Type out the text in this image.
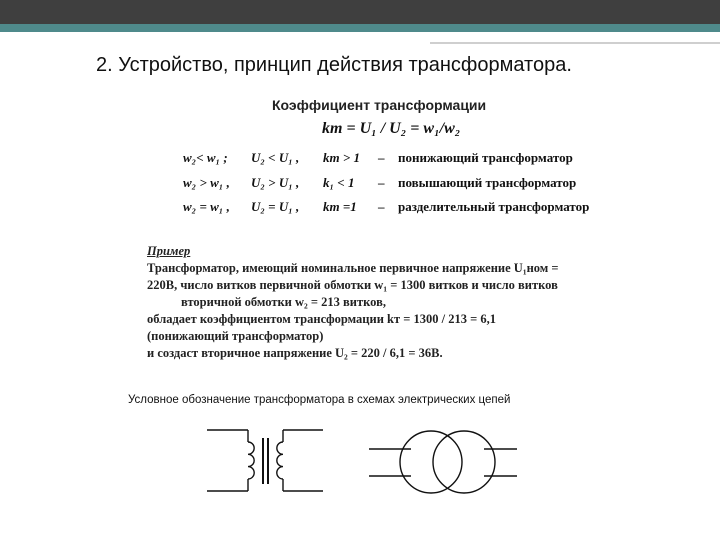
2. Устройство, принцип действия трансформатора.
Коэффициент трансформации
kт = U₁ / U₂ = w₁/w₂
w₂< w₁ ; U₂ < U₁ , kт > 1 – понижающий трансформатор
w₂ > w₁ , U₂ > U₁ , k₁ < 1 – повышающий трансформатор
w₂ = w₁ , U₂ = U₁ , kт =1 – разделительный трансформатор
Пример
Трансформатор, имеющий номинальное первичное напряжение U₁ном =
220В, число витков первичной обмотки w₁ = 1300 витков и число витков
вторичной обмотки w₂ = 213 витков,
обладает коэффициентом трансформации kт = 1300 / 213 = 6,1
(понижающий трансформатор)
и создаст вторичное напряжение U₂ = 220 / 6,1 = 36В.
Условное обозначение трансформатора в схемах электрических цепей
